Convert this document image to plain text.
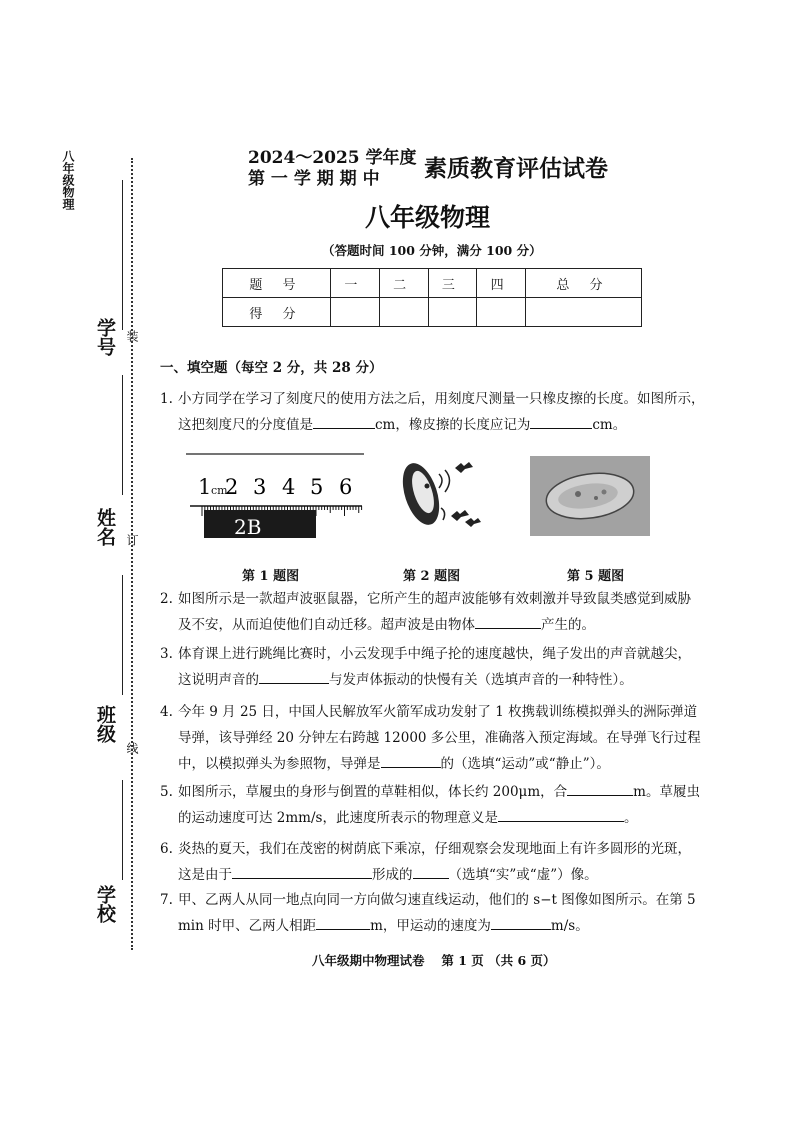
八年级物理
学号 装
姓名 订
班级
线
学校
2024～2025 学年度
第 一 学 期 期 中 素质教育评估试卷
八年级物理
（答题时间 100 分钟，满分 100 分）
题 号	一	二	三	四	总 分
得 分					
一、填空题（每空 2 分，共 28 分）
1. 小方同学在学习了刻度尺的使用方法之后，用刻度尺测量一只橡皮擦的长度。如图所示，
这把刻度尺的分度值是	cm，橡皮擦的长度应记为	cm。
1 cm
2 3 4 5 6
2B
第 1 题图	第 2 题图	第 5 题图
2. 如图所示是一款超声波驱鼠器，它所产生的超声波能够有效刺激并导致鼠类感觉到威胁
及不安，从而迫使他们自动迁移。超声波是由物体	产生的。
3. 体育课上进行跳绳比赛时，小云发现手中绳子抡的速度越快，绳子发出的声音就越尖，
这说明声音的	与发声体振动的快慢有关（选填声音的一种特性）。
4. 今年 9 月 25 日，中国人民解放军火箭军成功发射了 1 枚携载训练模拟弹头的洲际弹道
导弹，该导弹经 20 分钟左右跨越 12000 多公里，准确落入预定海域。在导弹飞行过程
中，以模拟弹头为参照物，导弹是	的（选填“运动”或“静止”）。
5. 如图所示，草履虫的身形与倒置的草鞋相似，体长约 200μm，合	m。草履虫
的运动速度可达 2mm/s，此速度所表示的物理意义是	。
6. 炎热的夏天，我们在茂密的树荫底下乘凉，仔细观察会发现地面上有许多圆形的光斑，
这是由于	形成的	（选填“实”或“虚”）像。
7. 甲、乙两人从同一地点向同一方向做匀速直线运动，他们的 s−t 图像如图所示。在第 5
min 时甲、乙两人相距	m，甲运动的速度为	m/s。
八年级期中物理试卷　 第 1 页 （共 6 页）
